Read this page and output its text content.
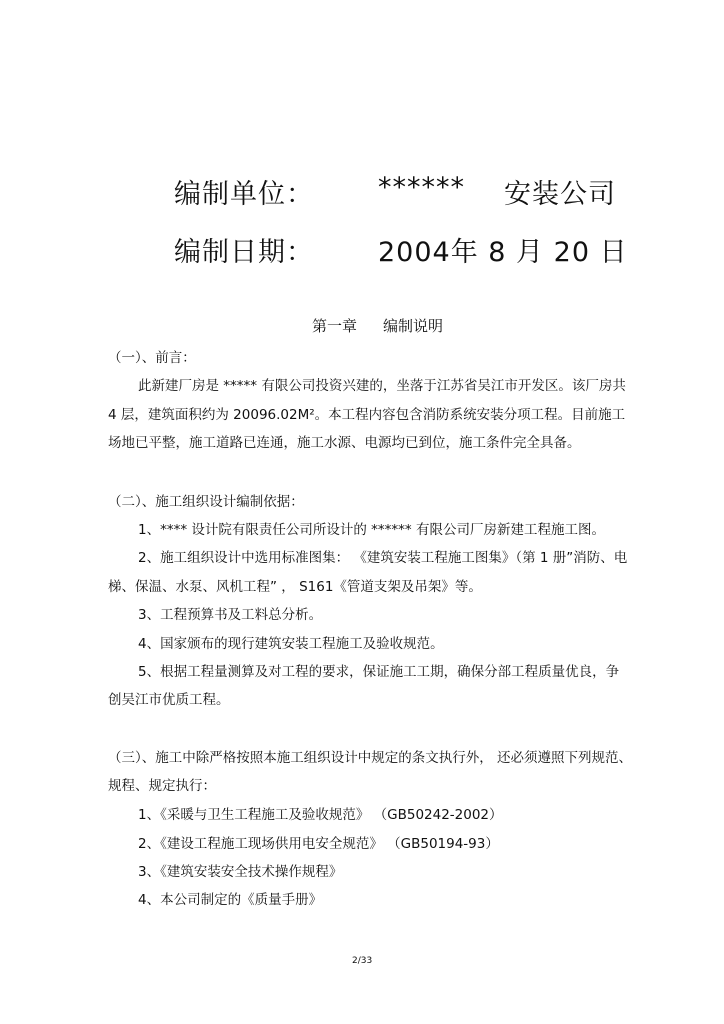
编制单位： ****** 安装公司
编制日期： 2004年 8 月 20 日
第一章 编制说明
（一）、前言：
此新建厂房是 ***** 有限公司投资兴建的，坐落于江苏省吴江市开发区。该厂房共
4 层，建筑面积约为 20096.02M²。本工程内容包含消防系统安装分项工程。目前施工
场地已平整，施工道路已连通，施工水源、电源均已到位，施工条件完全具备。
（二）、施工组织设计编制依据：
1、**** 设计院有限责任公司所设计的 ****** 有限公司厂房新建工程施工图。
2、施工组织设计中选用标准图集： 《建筑安装工程施工图集》（第 1 册”消防、电
梯、保温、水泵、风机工程” ， S161《管道支架及吊架》等。
3、工程预算书及工料总分析。
4、国家颁布的现行建筑安装工程施工及验收规范。
5、根据工程量测算及对工程的要求，保证施工工期，确保分部工程质量优良，争
创吴江市优质工程。
（三）、施工中除严格按照本施工组织设计中规定的条文执行外， 还必须遵照下列规范、
规程、规定执行：
1、《采暖与卫生工程施工及验收规范》 （GB50242-2002）
2、《建设工程施工现场供用电安全规范》 （GB50194-93）
3、《建筑安装安全技术操作规程》
4、本公司制定的《质量手册》
2/33
